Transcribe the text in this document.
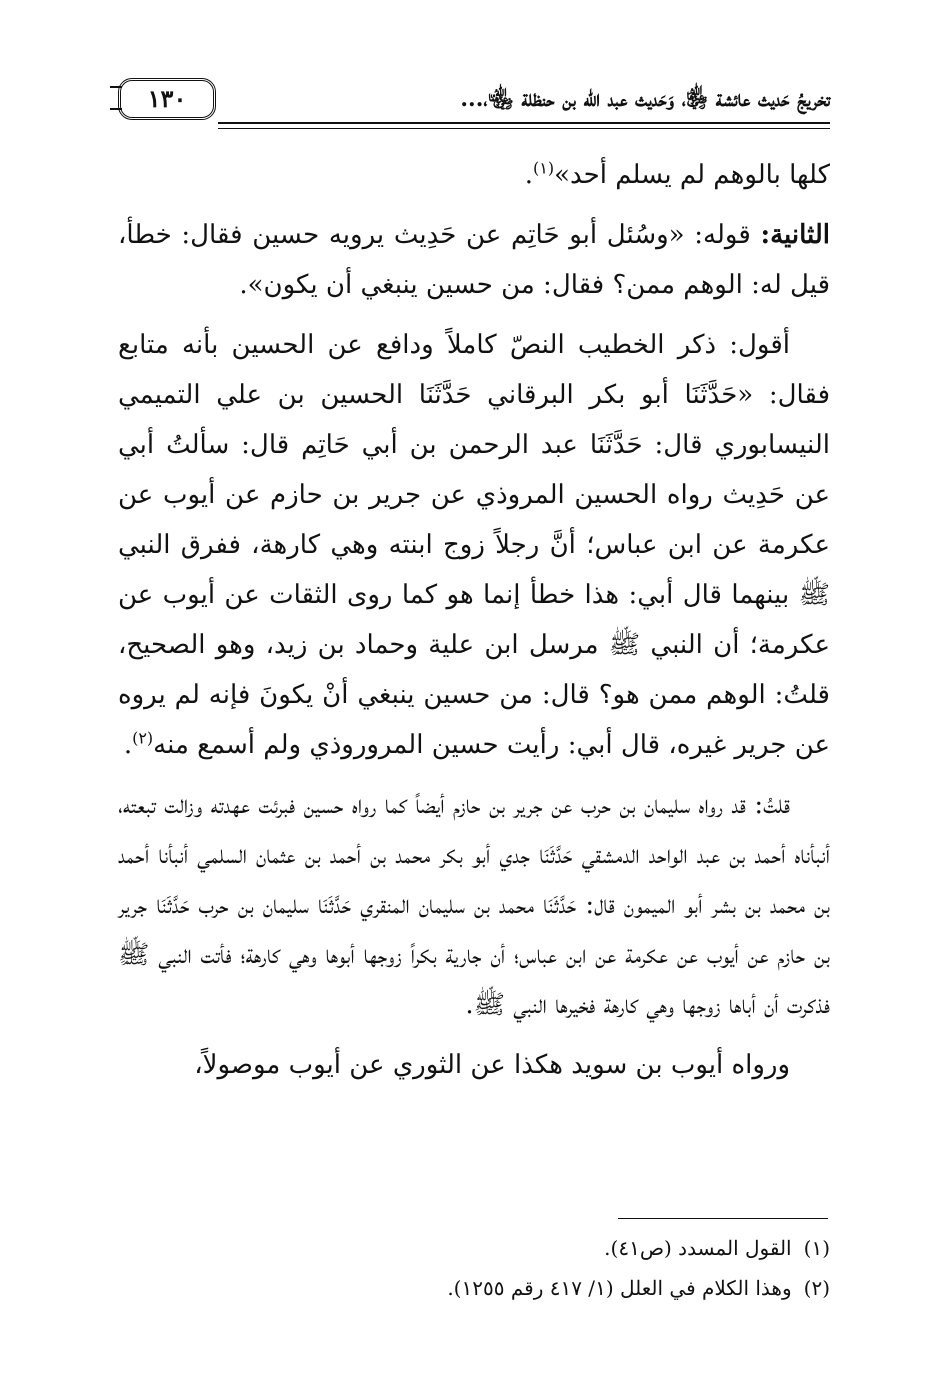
١٣٠	تخريجُ حَديث عائشة ﵂، وَحَديث عبد الله بن حنظلة ﵄،...

كلها بالوهم لم يسلم أحد»$^{(١)}$.

الثانية: قوله: «وسُئل أبو حَاتِم عن حَدِيث يرويه حسين فقال: خطأ، قيل له: الوهم ممن؟ فقال: من حسين ينبغي أن يكون».

أقول: ذكر الخطيب النصّ كاملاً ودافع عن الحسين بأنه متابع فقال: «حَدَّثَنَا أبو بكر البرقاني حَدَّثَنَا الحسين بن علي التميمي النيسابوري قال: حَدَّثَنَا عبد الرحمن بن أبي حَاتِم قال: سألتُ أبي عن حَدِيث رواه الحسين المروذي عن جرير بن حازم عن أيوب عن عكرمة عن ابن عباس؛ أنَّ رجلاً زوج ابنته وهي كارهة، ففرق النبي ﷺ بينهما قال أبي: هذا خطأ إنما هو كما روى الثقات عن أيوب عن عكرمة؛ أن النبي ﷺ مرسل ابن علية وحماد بن زيد، وهو الصحيح، قلتُ: الوهم ممن هو؟ قال: من حسين ينبغي أنْ يكونَ فإنه لم يروه عن جرير غيره، قال أبي: رأيت حسين المروروذي ولم أسمع منه$^{(٢)}$.

قلتُ: قد رواه سليمان بن حرب عن جرير بن حازم أيضاً كما رواه حسين فبرئت عهدته وزالت تبعته، أنبأناه أحمد بن عبد الواحد الدمشقي حَدَّثَنَا جدي أبو بكر محمد بن أحمد بن عثمان السلمي أنبأنا أحمد بن محمد بن بشر أبو الميمون قال: حَدَّثَنَا محمد بن سليمان المنقري حَدَّثَنَا سليمان بن حرب حَدَّثَنَا جرير بن حازم عن أيوب عن عكرمة عن ابن عباس؛ أن جارية بكراً زوجها أبوها وهي كارهة؛ فأتت النبي ﷺ فذكرت أن أباها زوجها وهي كارهة فخيرها النبي ﷺ.

ورواه أيوب بن سويد هكذا عن الثوري عن أيوب موصولاً،

(١)القول المسدد (ص٤١).

(٢)وهذا الكلام في العلل (١/ ٤١٧ رقم ١٢٥٥).
